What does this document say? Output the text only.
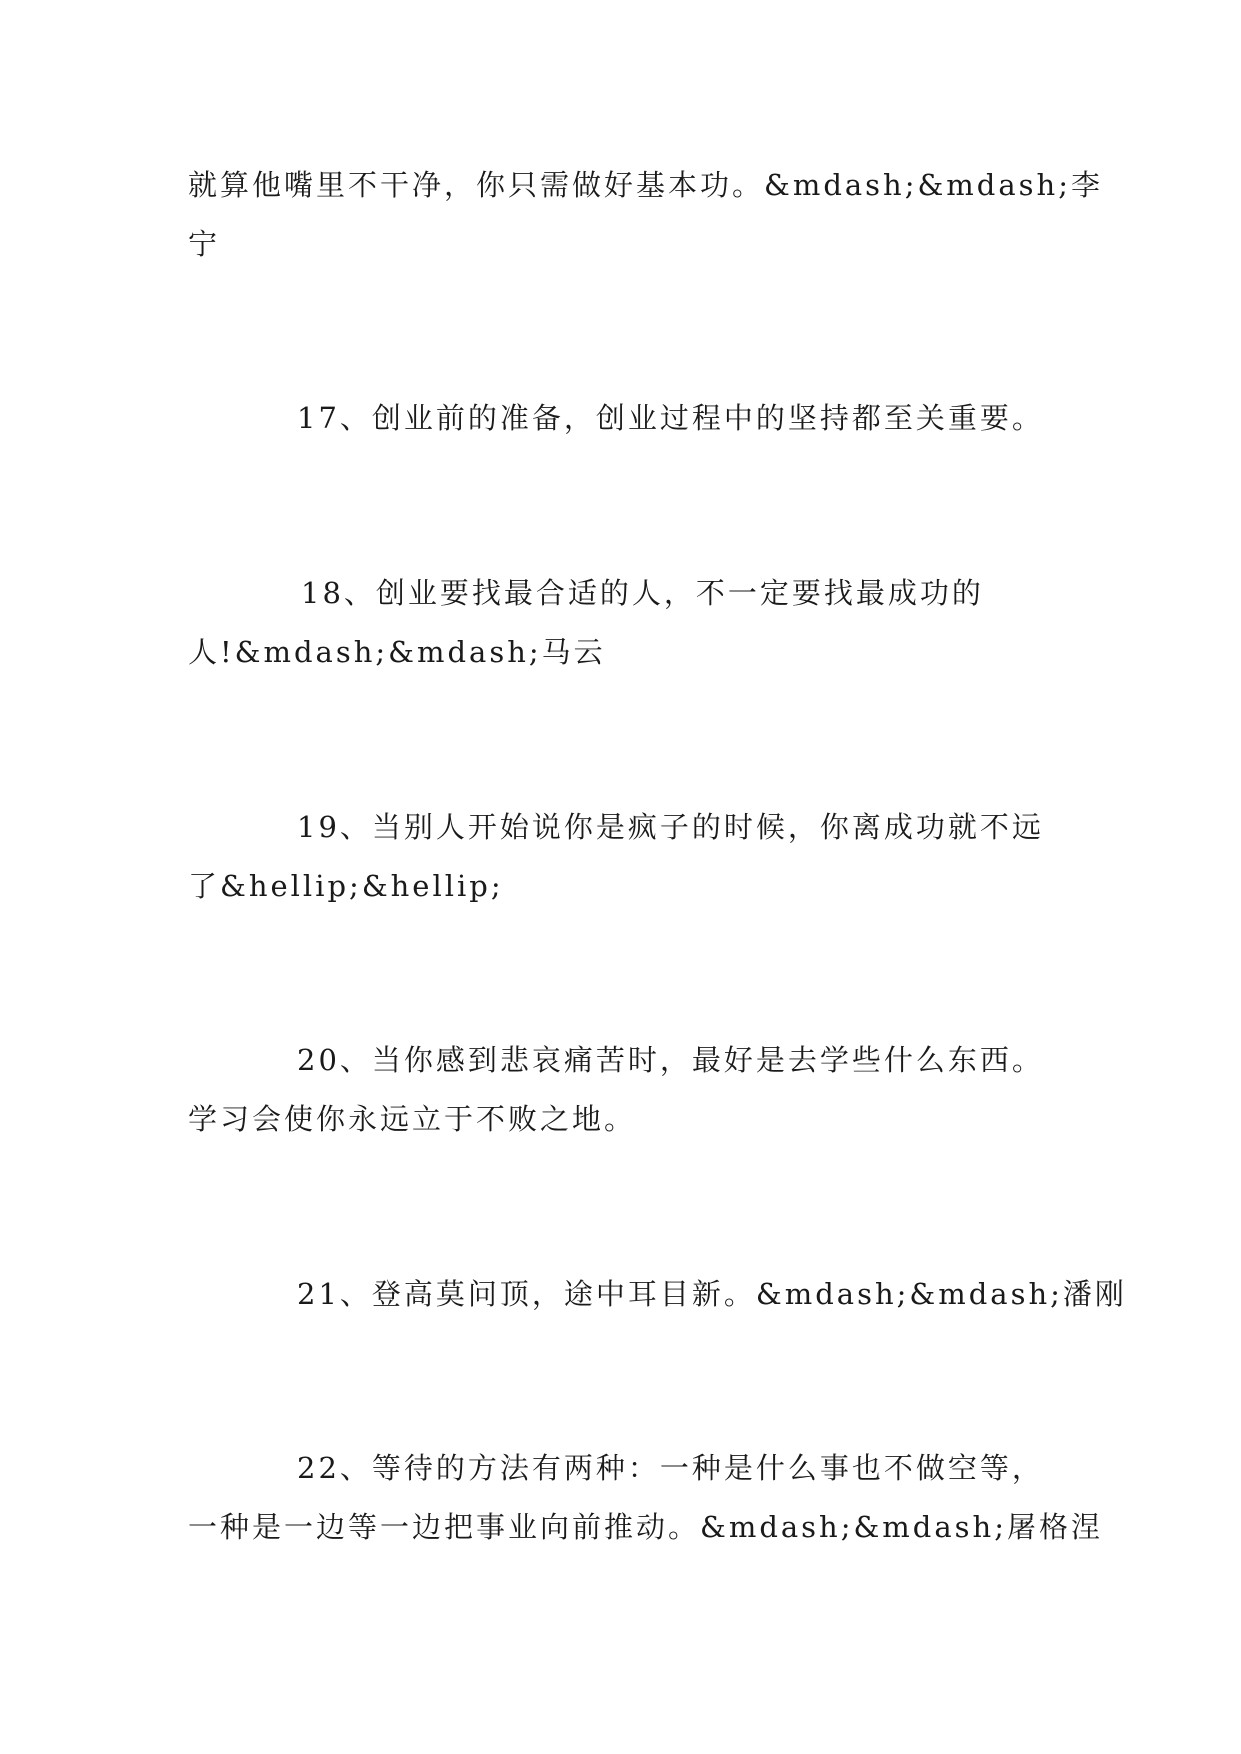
就算他嘴里不干净，你只需做好基本功。&mdash;&mdash;李
宁
17、创业前的准备，创业过程中的坚持都至关重要。
18、创业要找最合适的人，不一定要找最成功的
人!&mdash;&mdash;马云
19、当别人开始说你是疯子的时候，你离成功就不远
了&hellip;&hellip;
20、当你感到悲哀痛苦时，最好是去学些什么东西。
学习会使你永远立于不败之地。
21、登高莫问顶，途中耳目新。&mdash;&mdash;潘刚
22、等待的方法有两种：一种是什么事也不做空等，
一种是一边等一边把事业向前推动。&mdash;&mdash;屠格涅
